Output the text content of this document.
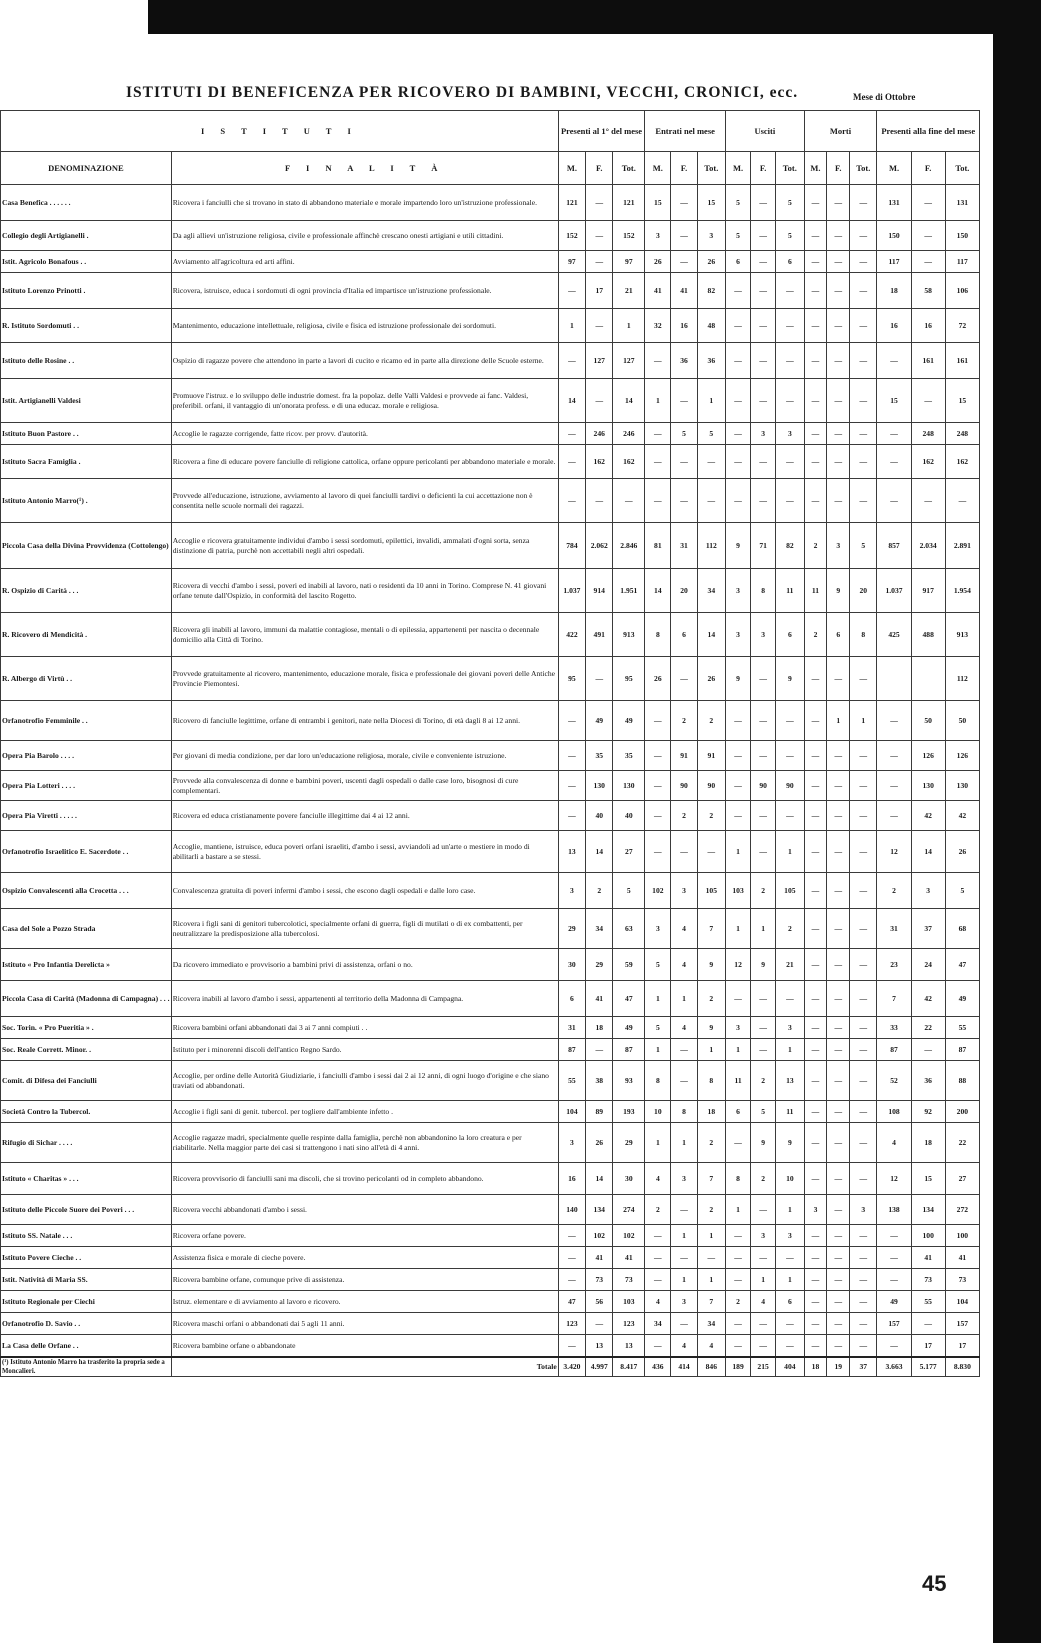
ISTITUTI DI BENEFICENZA PER RICOVERO DI BAMBINI, VECCHI, CRONICI, ecc.	Mese di Ottobre
I S T I T U T I		Presenti al 1° del mese			Entrati nel mese			Usciti			Morti			Presenti alla fine del mese		
DENOMINAZIONE	F I N A L I T À	M.	F.	Tot.	M.	F.	Tot.	M.	F.	Tot.	M.	F.	Tot.	M.	F.	Tot.
Casa Benefica . . . . . .	Ricovera i fanciulli che si trovano in stato di abbandono materiale e morale impartendo loro un'istruzione professionale.	121	—	121	15	—	15	5	—	5	—	—	—	131	—	131
Collegio degli Artigianelli .	Da agli allievi un'istruzione religiosa, civile e professionale affinchè crescano onesti artigiani e utili cittadini.	152	—	152	3	—	3	5	—	5	—	—	—	150	—	150
Istit. Agricolo Bonafous . .	Avviamento all'agricoltura ed arti affini.	97	—	97	26	—	26	6	—	6	—	—	—	117	—	117
Istituto Lorenzo Prinotti .	Ricovera, istruisce, educa i sordomuti di ogni provincia d'Italia ed impartisce un'istruzione professionale.	—	17	21	41	41	82	—	—	—	—	—	—	18	58	106
R. Istituto Sordomuti . .	Mantenimento, educazione intellettuale, religiosa, civile e fisica ed istruzione professionale dei sordomuti.	1	—	1	32	16	48	—	—	—	—	—	—	16	16	72
Istituto delle Rosine . .	Ospizio di ragazze povere che attendono in parte a lavori di cucito e ricamo ed in parte alla direzione delle Scuole esterne.	—	127	127	—	36	36	—	—	—	—	—	—	—	161	161
Istit. Artigianelli Valdesi	Promuove l'istruz. e lo sviluppo delle industrie domest. fra la popolaz. delle Valli Valdesi e provvede ai fanc. Valdesi, preferibil. orfani, il vantaggio di un'onorata profess. e di una educaz. morale e religiosa.	14	—	14	1	—	1	—	—	—	—	—	—	15	—	15
Istituto Buon Pastore . .	Accoglie le ragazze corrigende, fatte ricov. per provv. d'autorità.	—	246	246	—	5	5	—	3	3	—	—	—	—	248	248
Istituto Sacra Famiglia .	Ricovera a fine di educare povere fanciulle di religione cattolica, orfane oppure pericolanti per abbandono materiale e morale.	—	162	162	—	—	—	—	—	—	—	—	—	—	162	162
Istituto Antonio Marro(¹) .	Provvede all'educazione, istruzione, avviamento al lavoro di quei fanciulli tardivi o deficienti la cui accettazione non è consentita nelle scuole normali dei ragazzi.	—	—	—	—	—	—	—	—	—	—	—	—	—	—	—
Piccola Casa della Divina Provvidenza (Cottolengo)	Accoglie e ricovera gratuitamente individui d'ambo i sessi sordomuti, epilettici, invalidi, ammalati d'ogni sorta, senza distinzione di patria, purchè non accettabili negli altri ospedali.	784	2.062	2.846	81	31	112	9	71	82	2	3	5	857	2.034	2.891
R. Ospizio di Carità . . .	Ricovera di vecchi d'ambo i sessi, poveri ed inabili al lavoro, nati o residenti da 10 anni in Torino. Comprese N. 41 giovani orfane tenute dall'Ospizio, in conformità del lascito Rogetto.	1.037	914	1.951	14	20	34	3	8	11	11	9	20	1.037	917	1.954
R. Ricovero di Mendicità .	Ricovera gli inabili al lavoro, immuni da malattie contagiose, mentali o di epilessia, appartenenti per nascita o decennale domicilio alla Città di Torino.	422	491	913	8	6	14	3	3	6	2	6	8	425	488	913
R. Albergo di Virtù . .	Provvede gratuitamente al ricovero, mantenimento, educazione morale, fisica e professionale dei giovani poveri delle Antiche Provincie Piemontesi.	95	—	95	26	—	26	9	—	9	—	—	—			112
Orfanotrofio Femminile . .	Ricovero di fanciulle legittime, orfane di entrambi i genitori, nate nella Diocesi di Torino, di età dagli 8 ai 12 anni.	—	49	49	—	2	2	—	—	—	—	1	1	—	50	50
Opera Pia Barolo . . . .	Per giovani di media condizione, per dar loro un'educazione religiosa, morale, civile e conveniente istruzione.	—	35	35	—	91	91	—	—	—	—	—	—	—	126	126
Opera Pia Lotteri . . . .	Provvede alla convalescenza di donne e bambini poveri, uscenti dagli ospedali o dalle case loro, bisognosi di cure complementari.	—	130	130	—	90	90	—	90	90	—	—	—	—	130	130
Opera Pia Viretti . . . . .	Ricovera ed educa cristianamente povere fanciulle illegittime dai 4 ai 12 anni.	—	40	40	—	2	2	—	—	—	—	—	—	—	42	42
Orfanotrofio Israelitico E. Sacerdote . .	Accoglie, mantiene, istruisce, educa poveri orfani israeliti, d'ambo i sessi, avviandoli ad un'arte o mestiere in modo di abilitarli a bastare a se stessi.	13	14	27	—	—	—	1	—	1	—	—	—	12	14	26
Ospizio Convalescenti alla Crocetta . . .	Convalescenza gratuita di poveri infermi d'ambo i sessi, che escono dagli ospedali e dalle loro case.	3	2	5	102	3	105	103	2	105	—	—	—	2	3	5
Casa del Sole a Pozzo Strada	Ricovera i figli sani di genitori tubercolotici, specialmente orfani di guerra, figli di mutilati o di ex combattenti, per neutralizzare la predisposizione alla tubercolosi.	29	34	63	3	4	7	1	1	2	—	—	—	31	37	68
Istituto « Pro Infantia Derelicta »	Da ricovero immediato e provvisorio a bambini privi di assistenza, orfani o no.	30	29	59	5	4	9	12	9	21	—	—	—	23	24	47
Piccola Casa di Carità (Madonna di Campagna) . . .	Ricovera inabili al lavoro d'ambo i sessi, appartenenti al territorio della Madonna di Campagna.	6	41	47	1	1	2	—	—	—	—	—	—	7	42	49
Soc. Torin. « Pro Pueritia » .	Ricovera bambini orfani abbandonati dai 3 ai 7 anni compiuti . .	31	18	49	5	4	9	3	—	3	—	—	—	33	22	55
Soc. Reale Corrett. Minor. .	Istituto per i minorenni discoli dell'antico Regno Sardo.	87	—	87	1	—	1	1	—	1	—	—	—	87	—	87
Comit. di Difesa dei Fanciulli	Accoglie, per ordine delle Autorità Giudiziarie, i fanciulli d'ambo i sessi dai 2 ai 12 anni, di ogni luogo d'origine e che siano traviati od abbandonati.	55	38	93	8	—	8	11	2	13	—	—	—	52	36	88
Società Contro la Tubercol.	Accoglie i figli sani di genit. tubercol. per togliere dall'ambiente infetto .	104	89	193	10	8	18	6	5	11	—	—	—	108	92	200
Rifugio di Sichar . . . .	Accoglie ragazze madri, specialmente quelle respinte dalla famiglia, perchè non abbandonino la loro creatura e per riabilitarle. Nella maggior parte dei casi si trattengono i nati sino all'età di 4 anni.	3	26	29	1	1	2	—	9	9	—	—	—	4	18	22
Istituto « Charitas » . . .	Ricovera provvisorio di fanciulli sani ma discoli, che si trovino pericolanti od in completo abbandono.	16	14	30	4	3	7	8	2	10	—	—	—	12	15	27
Istituto delle Piccole Suore dei Poveri . . .	Ricovera vecchi abbandonati d'ambo i sessi.	140	134	274	2	—	2	1	—	1	3	—	3	138	134	272
Istituto SS. Natale . . .	Ricovera orfane povere.	—	102	102	—	1	1	—	3	3	—	—	—	—	100	100
Istituto Povere Cieche . .	Assistenza fisica e morale di cieche povere.	—	41	41	—	—	—	—	—	—	—	—	—	—	41	41
Istit. Natività di Maria SS.	Ricovera bambine orfane, comunque prive di assistenza.	—	73	73	—	1	1	—	1	1	—	—	—	—	73	73
Istituto Regionale per Ciechi	Istruz. elementare e di avviamento al lavoro e ricovero.	47	56	103	4	3	7	2	4	6	—	—	—	49	55	104
Orfanotrofio D. Savio . .	Ricovera maschi orfani o abbandonati dai 5 agli 11 anni.	123	—	123	34	—	34	—	—	—	—	—	—	157	—	157
La Casa delle Orfane . .	Ricovera bambine orfane o abbandonate	—	13	13	—	4	4	—	—	—	—	—	—	—	17	17
(¹) Istituto Antonio Marro ha trasferito la propria sede a Moncalieri.	Totale	3.420	4.997	8.417	436	414	846	189	215	404	18	19	37	3.663	5.177	8.830
45
